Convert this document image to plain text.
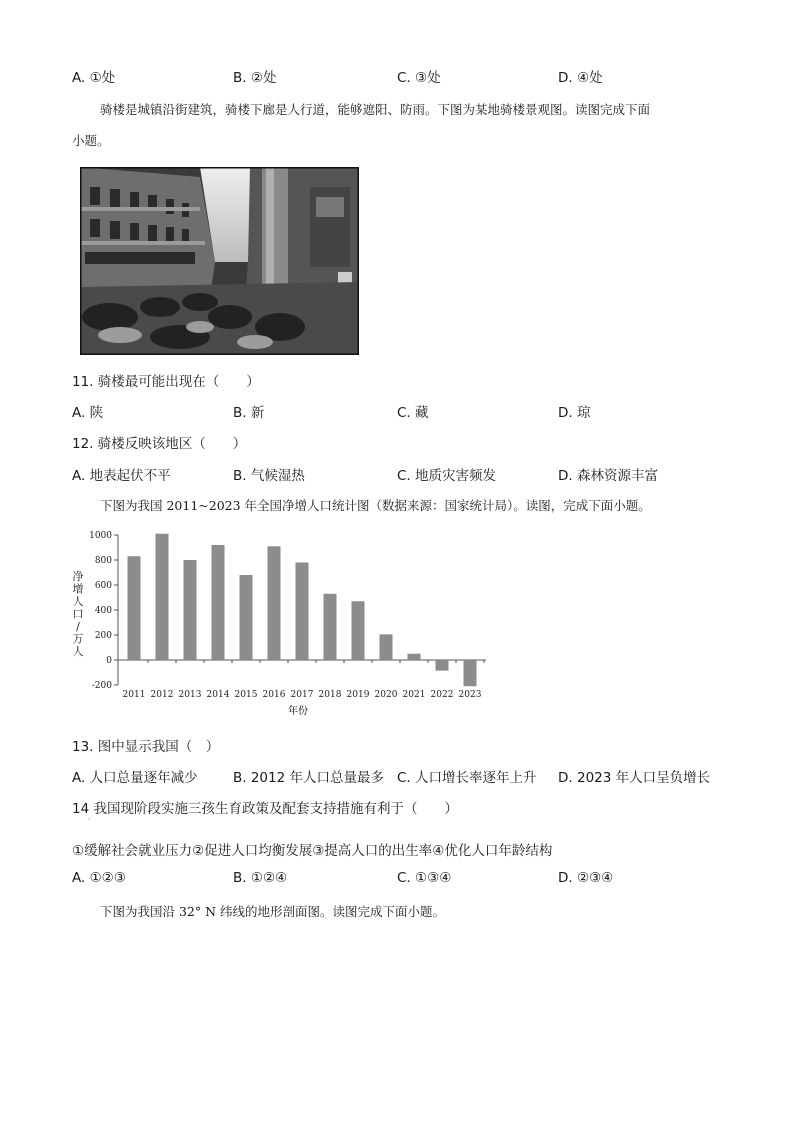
A. ①处	B. ②处	C. ③处	D. ④处
骑楼是城镇沿街建筑，骑楼下廊是人行道，能够遮阳、防雨。下图为某地骑楼景观图。读图完成下面
小题。
11. 骑楼最可能出现在（　　）
A. 陕	B. 新	C. 藏	D. 琼
12. 骑楼反映该地区（　　）
A. 地表起伏不平	B. 气候湿热	C. 地质灾害频发	D. 森林资源丰富
下图为我国 2011~2023 年全国净增人口统计图（数据来源：国家统计局）。读图，完成下面小题。
净
增
人
口
/
万
人
2011 2012 2013 2014 2015 2016 2017 2018 2019 2020 2021 2022 2023
-200
0
200
400
600
800
1000
年份
13. 图中显示我国（　）
A. 人口总量逐年减少	B. 2012 年人口总量最多 C. 人口增长率逐年上升 D. 2023 年人口呈负增长
14 我国现阶段实施三孩生育政策及配套支持措施有利于（　　）
·
①缓解社会就业压力②促进人口均衡发展③提高人口的出生率④优化人口年龄结构
A. ①②③	B. ①②④	C. ①③④	D. ②③④
下图为我国沿 32° N 纬线的地形剖面图。读图完成下面小题。
